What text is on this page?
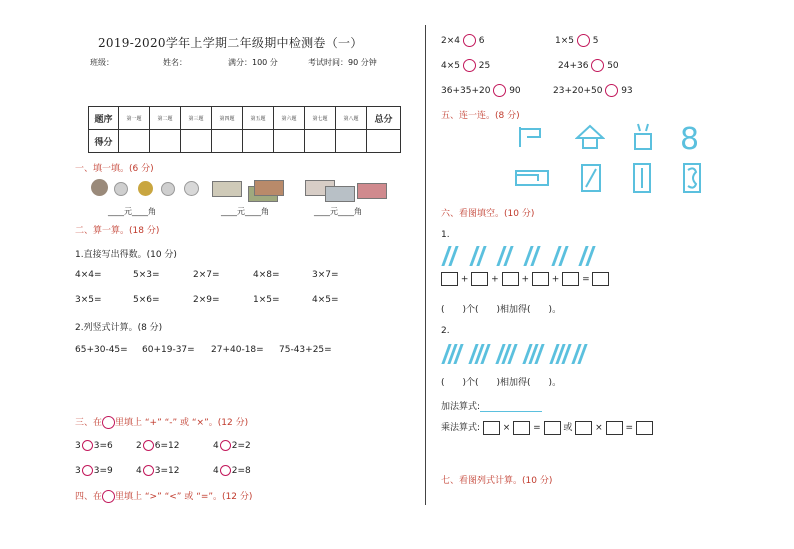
2019-2020学年上学期二年级期中检测卷（一）
班级：	姓名：	满分：100 分	考试时间：90 分钟
题序	第一题	第二题	第三题	第四题	第五题	第六题	第七题	第八题	总分
得分									
一、填一填。(6 分)
____元____角	____元____角	____元____角
二、算一算。(18 分)
1.直接写出得数。(10 分)
4×4=	5×3=	2×7=	4×8=	3×7=
3×5=	5×6=	2×9=	1×5=	4×5=
2.列竖式计算。(8 分)
65+30-45= 60+19-37= 27+40-18= 75-43+25=
三、在 里填上 “+” “-” 或 “×”。(12 分)
3 3=6	2 6=12	4 2=2
3 3=9	4 3=12	4 2=8
四、在 里填上 “>” “<” 或 “=”。(12 分)
2×4 6	1×5 5
4×5 25	24+36 50
36+35+20 90	23+20+50 93
五、连一连。(8 分)
8
六、看图填空。(10 分)
1.
+	+	+	+	=
(　　)个(　　)相加得(　　)。
2.
(　　)个(　　)相加得(　　)。
加法算式:
乘法算式:	×	=	或	×	=
七、看图列式计算。(10 分)
